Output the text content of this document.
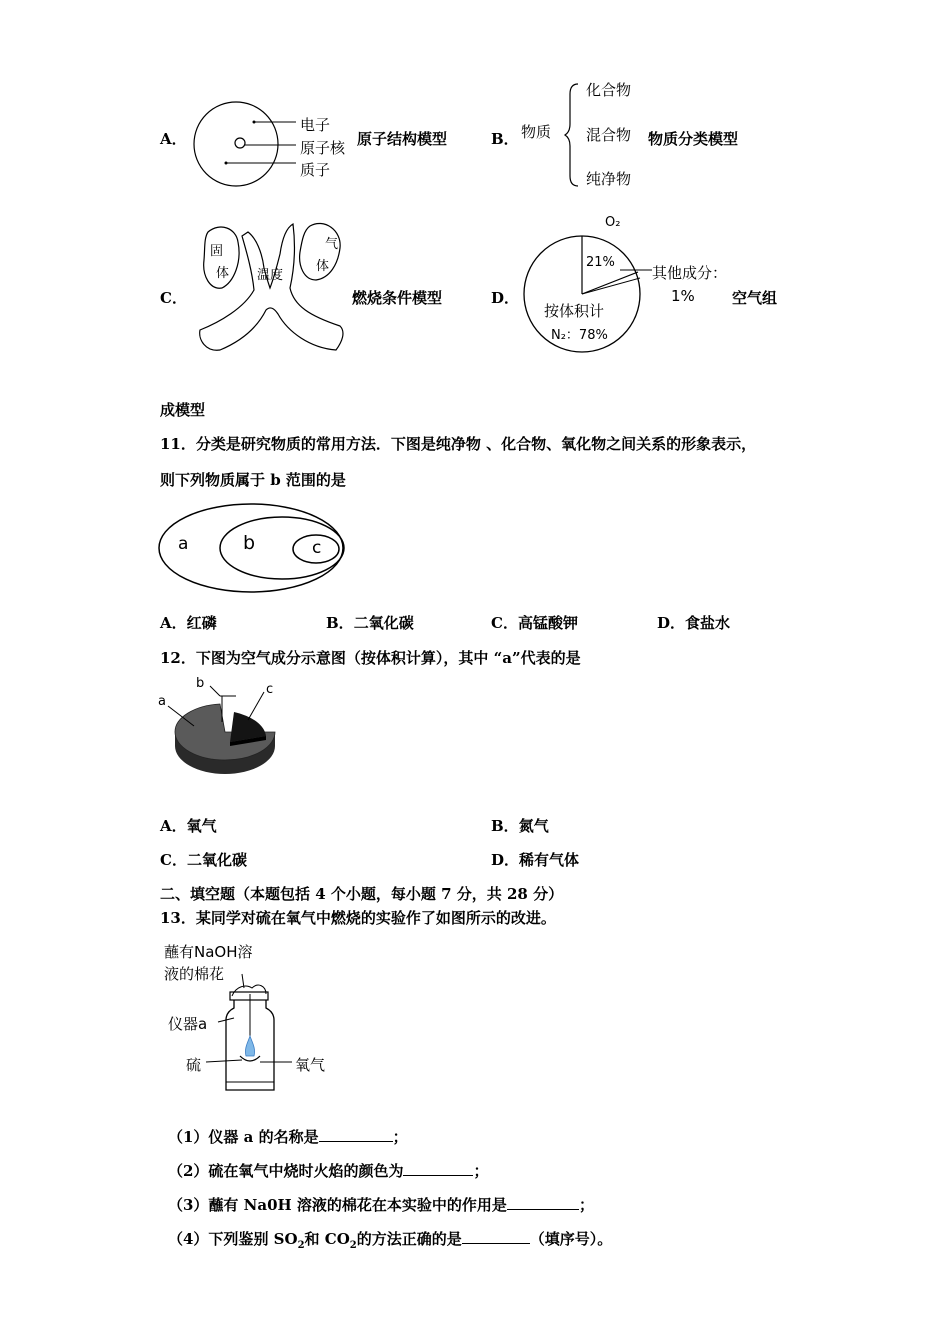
A．
电子
原子核
质子
原子结构模型	B． 物质
化合物
混合物
纯净物
物质分类模型
C．
固
体 温度
气
体
燃烧条件模型	D．
O₂
21%
其他成分：
1%
按体积计
N₂：78%
空气组
成模型
11．分类是研究物质的常用方法．下图是纯净物 、化合物、氧化物之间关系的形象表示，
则下列物质属于 b 范围的是
a	b	c
A．红磷	B．二氧化碳	C．高锰酸钾	D．食盐水
12．下图为空气成分示意图（按体积计算），其中 “a”代表的是
a
b	c
A．氧气	B．氮气
C．二氧化碳	D．稀有气体
二、填空题（本题包括 4 个小题，每小题 7 分，共 28 分）
13．某同学对硫在氧气中燃烧的实验作了如图所示的改进。
蘸有NaOH溶
液的棉花
仪器a
硫	氧气
（1）仪器 a 的名称是	；
（2）硫在氧气中烧时火焰的颜色为	；
（3）蘸有 Na0H 溶液的棉花在本实验中的作用是	；
（4）下列鉴别 $SO_2$和 $CO_2$的方法正确的是	（填序号）。
